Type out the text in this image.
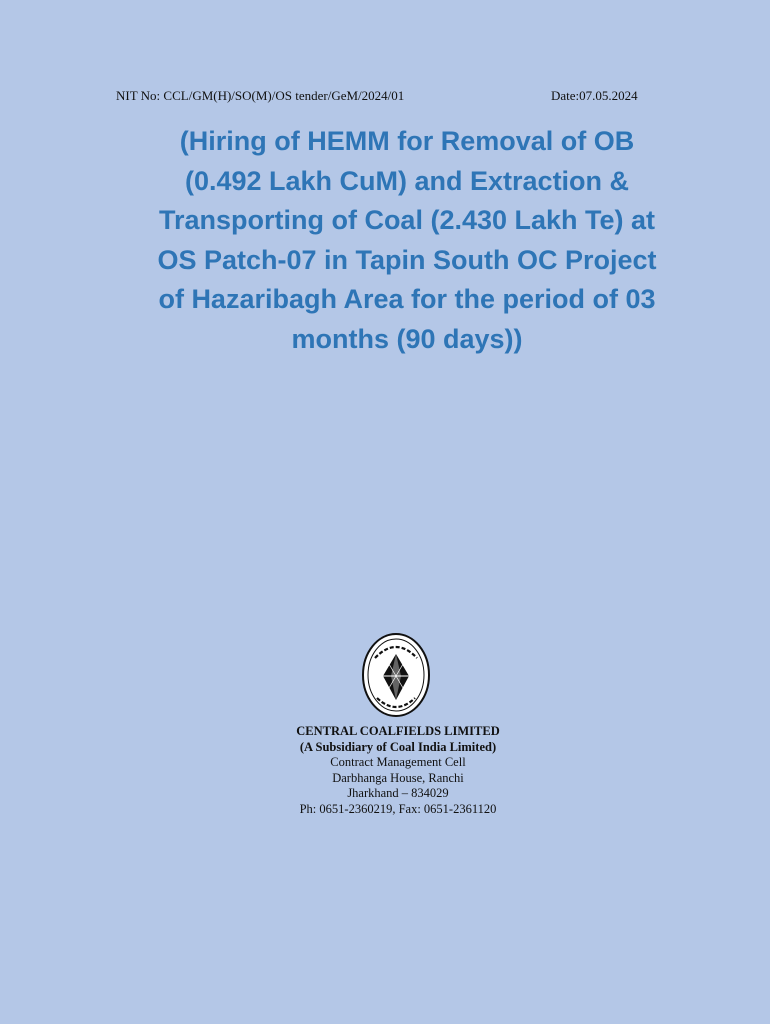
NIT No: CCL/GM(H)/SO(M)/OS tender/GeM/2024/01	Date:07.05.2024
(Hiring of HEMM for Removal of OB
(0.492 Lakh CuM) and Extraction &
Transporting of Coal (2.430 Lakh Te) at
OS Patch-07 in Tapin South OC Project
of Hazaribagh Area for the period of 03
months (90 days))
CENTRAL COALFIELDS LIMITED
(A Subsidiary of Coal India Limited)
Contract Management Cell
Darbhanga House, Ranchi
Jharkhand – 834029
Ph: 0651-2360219, Fax: 0651-2361120
